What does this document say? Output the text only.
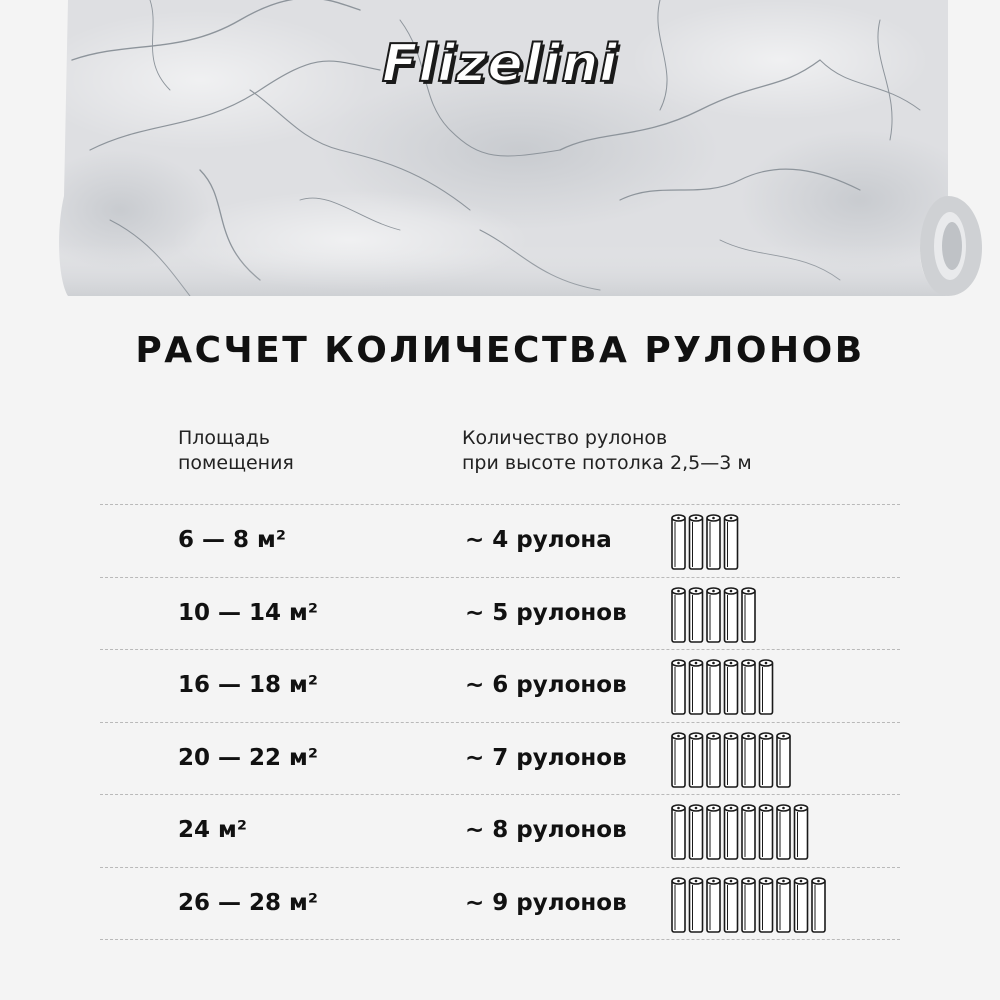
Flizelini
РАСЧЕТ КОЛИЧЕСТВА РУЛОНОВ
Площадь
помещения
Количество рулонов
при высоте потолка 2,5—3 м
6 — 8 м²	~ 4 рулона
10 — 14 м²	~ 5 рулонов
16 — 18 м²	~ 6 рулонов
20 — 22 м²	~ 7 рулонов
24 м²	~ 8 рулонов
26 — 28 м²	~ 9 рулонов
